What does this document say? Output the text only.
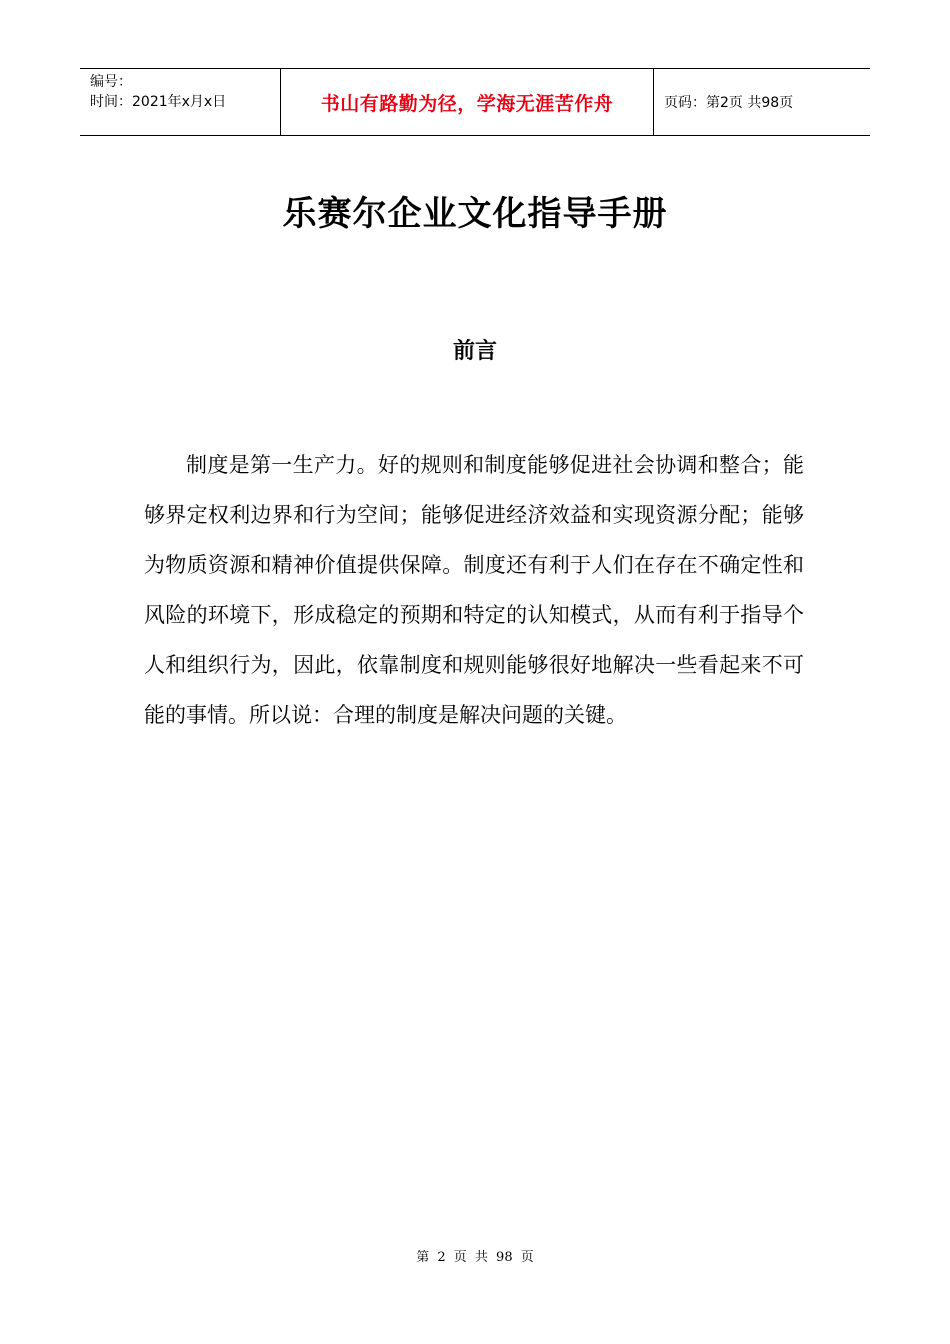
编号：
时间：2021年x月x日	书山有路勤为径，学海无涯苦作舟	页码：第2页 共98页
乐赛尔企业文化指导手册
前言

制度是第一生产力。好的规则和制度能够促进社会协调和整合；能够界定权利边界和行为空间；能够促进经济效益和实现资源分配；能够为物质资源和精神价值提供保障。制度还有利于人们在存在不确定性和风险的环境下，形成稳定的预期和特定的认知模式，从而有利于指导个人和组织行为，因此，依靠制度和规则能够很好地解决一些看起来不可能的事情。所以说：合理的制度是解决问题的关键。

第 2 页 共 98 页
